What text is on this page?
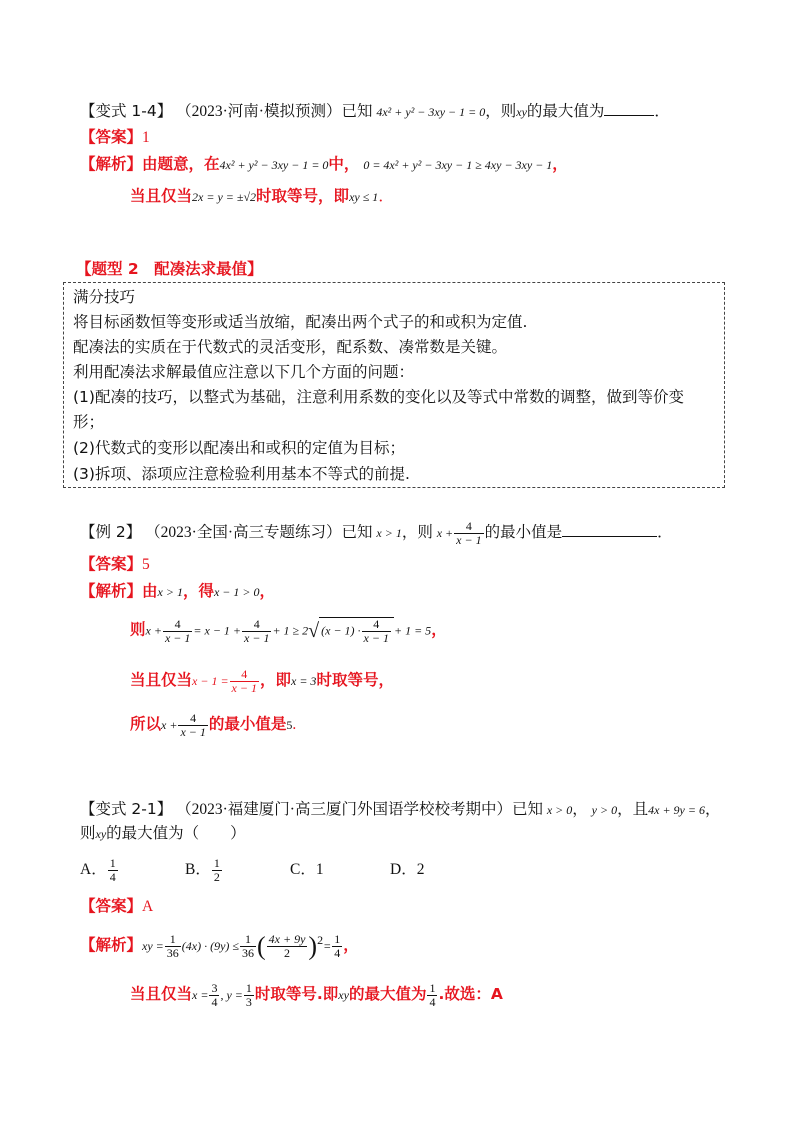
【变式 1-4】 （2023·河南·模拟预测）已知 4x² + y² − 3xy − 1 = 0，则xy的最大值为	．
【答案】1
【解析】由题意，在4x² + y² − 3xy − 1 = 0中， 0 = 4x² + y² − 3xy − 1 ≥ 4xy − 3xy − 1，
当且仅当2x = y = ±√2时取等号，即xy ≤ 1．
【题型 2　配凑法求最值】
满分技巧
将目标函数恒等变形或适当放缩，配凑出两个式子的和或积为定值.
配凑法的实质在于代数式的灵活变形，配系数、凑常数是关键。
利用配凑法求解最值应注意以下几个方面的问题：
(1)配凑的技巧，以整式为基础，注意利用系数的变化以及等式中常数的调整，做到等价变
形；
(2)代数式的变形以配凑出和或积的定值为目标；
(3)拆项、添项应注意检验利用基本不等式的前提.
【例 2】 （2023·全国·高三专题练习）已知 x > 1，则 $x + \frac{4}{x - 1}$ 的最小值是	．
【答案】5
【解析】由x > 1，得x − 1 > 0，
则$x + \frac{4}{x - 1} = x - 1 + \frac{4}{x - 1} + 1 \ge 2√$ $(x - 1) \cdot \frac{4}{x - 1} + 1 = 5$，
当且仅当$x - 1 = \frac{4}{x - 1}$ ，即x = 3时取等号，
所以$x + \frac{4}{x - 1}$ 的最小值是5.
【变式 2-1】 （2023·福建厦门·高三厦门外国语学校校考期中）已知 x > 0， y > 0，且4x + 9y = 6，
则xy的最大值为（　　）
A． $\frac{1}{4}$	B． $\frac{1}{2}$	C．1	D．2
【答案】A
【解析】xy = $\frac{1}{36} (4x) \cdot (9y) \le \frac{1}{36}$ ( $\frac{4x + 9y}{2} )^2= \frac{1}{4}$ ，
当且仅当$x = \frac{3}{4}$ , $y = \frac{1}{3}$ 时取等号.即xy的最大值为 $\frac{1}{4}$ .故选：A
